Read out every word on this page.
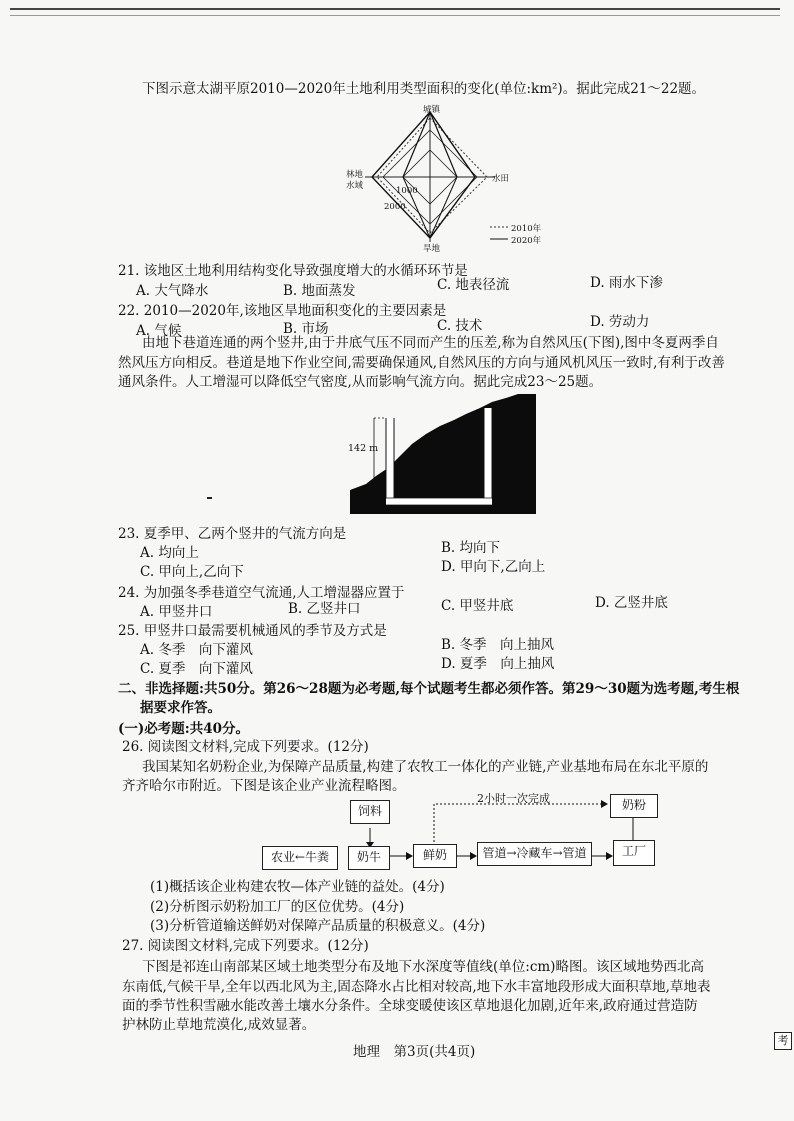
下图示意太湖平原2010—2020年土地利用类型面积的变化(单位:km²)。据此完成21～22题。
城镇
水田
旱地
林地
水域	1000
2000
2010年
2020年
21. 该地区土地利用结构变化导致强度增大的水循环环节是
A. 大气降水	B. 地面蒸发	C. 地表径流	D. 雨水下渗
22. 2010—2020年,该地区旱地面积变化的主要因素是
A. 气候	B. 市场	C. 技术	D. 劳动力
由地下巷道连通的两个竖井,由于井底气压不同而产生的压差,称为自然风压(下图),图中冬夏两季自
然风压方向相反。巷道是地下作业空间,需要确保通风,自然风压的方向与通风机风压一致时,有利于改善
通风条件。人工增湿可以降低空气密度,从而影响气流方向。据此完成23～25题。
142 m
23. 夏季甲、乙两个竖井的气流方向是
A. 均向上	B. 均向下
C. 甲向上,乙向下	D. 甲向下,乙向上
24. 为加强冬季巷道空气流通,人工增湿器应置于
A. 甲竖井口	B. 乙竖井口	C. 甲竖井底	D. 乙竖井底
25. 甲竖井口最需要机械通风的季节及方式是
A. 冬季　向下灌风	B. 冬季　向上抽风
C. 夏季　向下灌风	D. 夏季　向上抽风
二、非选择题:共50分。第26～28题为必考题,每个试题考生都必须作答。第29～30题为选考题,考生根
据要求作答。
(一)必考题:共40分。
26. 阅读图文材料,完成下列要求。(12分)
我国某知名奶粉企业,为保障产品质量,构建了农牧工一体化的产业链,产业基地布局在东北平原的
齐齐哈尔市附近。下图是该企业产业流程略图。
2小时一次完成
饲料	奶粉
农业←牛粪	奶牛	鲜奶	管道→冷藏车→管道	工厂
(1)概括该企业构建农牧—体产业链的益处。(4分)
(2)分析图示奶粉加工厂的区位优势。(4分)
(3)分析管道输送鲜奶对保障产品质量的积极意义。(4分)
27. 阅读图文材料,完成下列要求。(12分)
下图是祁连山南部某区域土地类型分布及地下水深度等值线(单位:cm)略图。该区域地势西北高
东南低,气候干旱,全年以西北风为主,固态降水占比相对较高,地下水丰富地段形成大面积草地,草地表
面的季节性积雪融水能改善土壤水分条件。全球变暖使该区草地退化加剧,近年来,政府通过营造防
护林防止草地荒漠化,成效显著。
地理　第3页(共4页)
考
